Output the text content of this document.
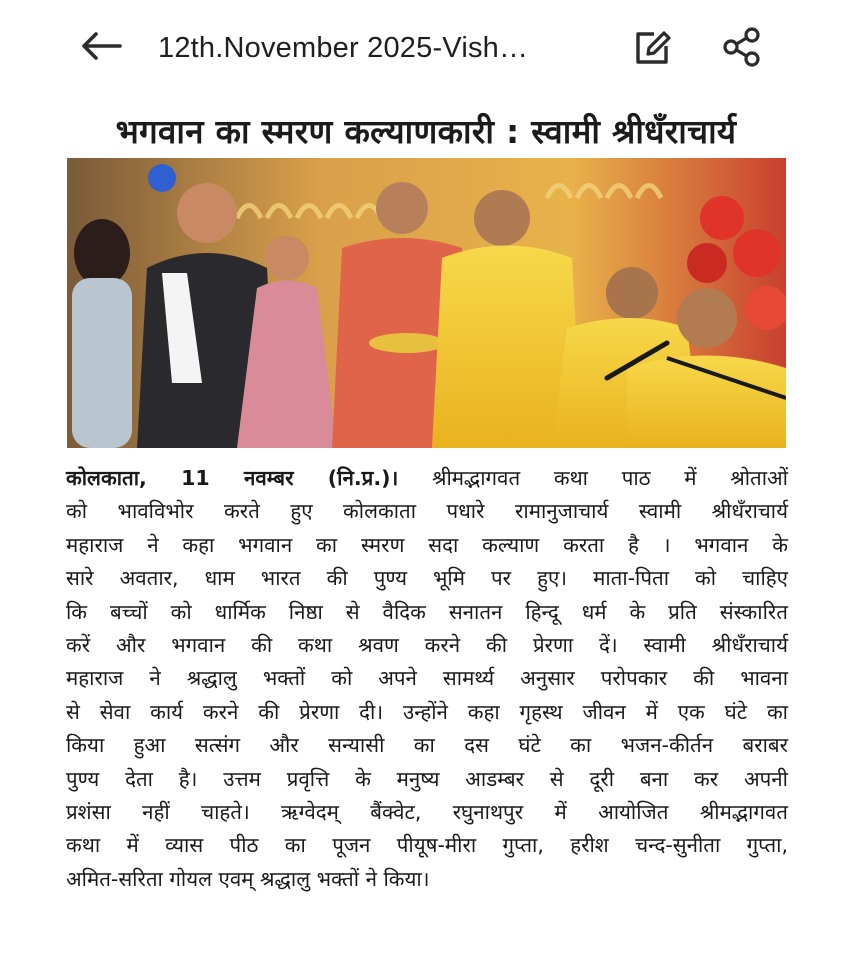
12th.November 2025-Vish…
भगवान का स्मरण कल्याणकारी : स्वामी श्रीधँराचार्य
कोलकाता, 11 नवम्बर (नि.प्र.)। श्रीमद्भागवत कथा पाठ में श्रोताओं
को भावविभोर करते हुए कोलकाता पधारे रामानुजाचार्य स्वामी श्रीधँराचार्य
महाराज ने कहा भगवान का स्मरण सदा कल्याण करता है । भगवान के
सारे अवतार, धाम भारत की पुण्य भूमि पर हुए। माता-पिता को चाहिए
कि बच्चों को धार्मिक निष्ठा से वैदिक सनातन हिन्दू धर्म के प्रति संस्कारित
करें और भगवान की कथा श्रवण करने की प्रेरणा दें। स्वामी श्रीधँराचार्य
महाराज ने श्रद्धालु भक्तों को अपने सामर्थ्य अनुसार परोपकार की भावना
से सेवा कार्य करने की प्रेरणा दी। उन्होंने कहा गृहस्थ जीवन में एक घंटे का
किया हुआ सत्संग और सन्यासी का दस घंटे का भजन-कीर्तन बराबर
पुण्य देता है। उत्तम प्रवृत्ति के मनुष्य आडम्बर से दूरी बना कर अपनी
प्रशंसा नहीं चाहते। ऋग्वेदम् बैंक्वेट, रघुनाथपुर में आयोजित श्रीमद्भागवत
कथा में व्यास पीठ का पूजन पीयूष-मीरा गुप्ता, हरीश चन्द-सुनीता गुप्ता,
अमित-सरिता गोयल एवम् श्रद्धालु भक्तों ने किया।
